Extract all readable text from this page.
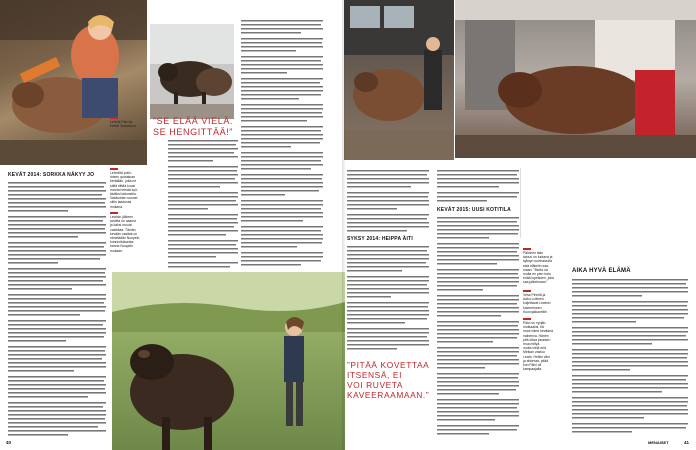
Lehmä Päivi ja
Heikki Saalasvuo.
”SE ELÄÄ VIELÄ.
SE HENGITTÄÄ!”
Lehmiltä poiki-
misen quotatuan
kerätään, jotta ne
säilä riittää kuusi
nuorta heinää syö-
täväksi laitumella.
Vasikoiden suonet
siitin laadussa
mukana.
Lewisin jälkeen
tarvitta on saanut
ja kaksi muuta
vasikkaa. Tämän
kevään vasikat on
nimetäään Nuupeln
kunnioituksesta
hanna Nuupeln
mukaan.
KEVÄT 2014: SORKKA NÄKYY JO
40
SYKSY 2014: HEIPPA ÄITI
”PITÄÄ KOVETTAA
ITSENSÄ, EI
VOI RUVETA
KAVEERAAMAAN.”
KEVÄT 2015: UUSI KOTITILA
Päivinen tilan
talous on tuotava ja
syksyn suvinaivuita
sisä eläimiin saa-
maan. "Mutta nä
muita en pien halu
enää lopeiksen, joka
saa jalkeimaan."
Vesa Pinnilä ja
Aaku Luttinen
kuljettavat Lewisin
kavereineen
Kuorojalkaveille.
Päivi on nyrjäh-
mutkaaksi, tiä
mani viime keväänä
nainenva. Hänen
pitä ottaa jokaisen
mua millyä,
mutta vielä eriä
Meikan vastuu
Lewis. Heikki väsi
ja ahkeraa, pitää
kun Päivi oli
kampaajalla.
AIKA HYVÄ ELÄMÄ
MENAISET	41
